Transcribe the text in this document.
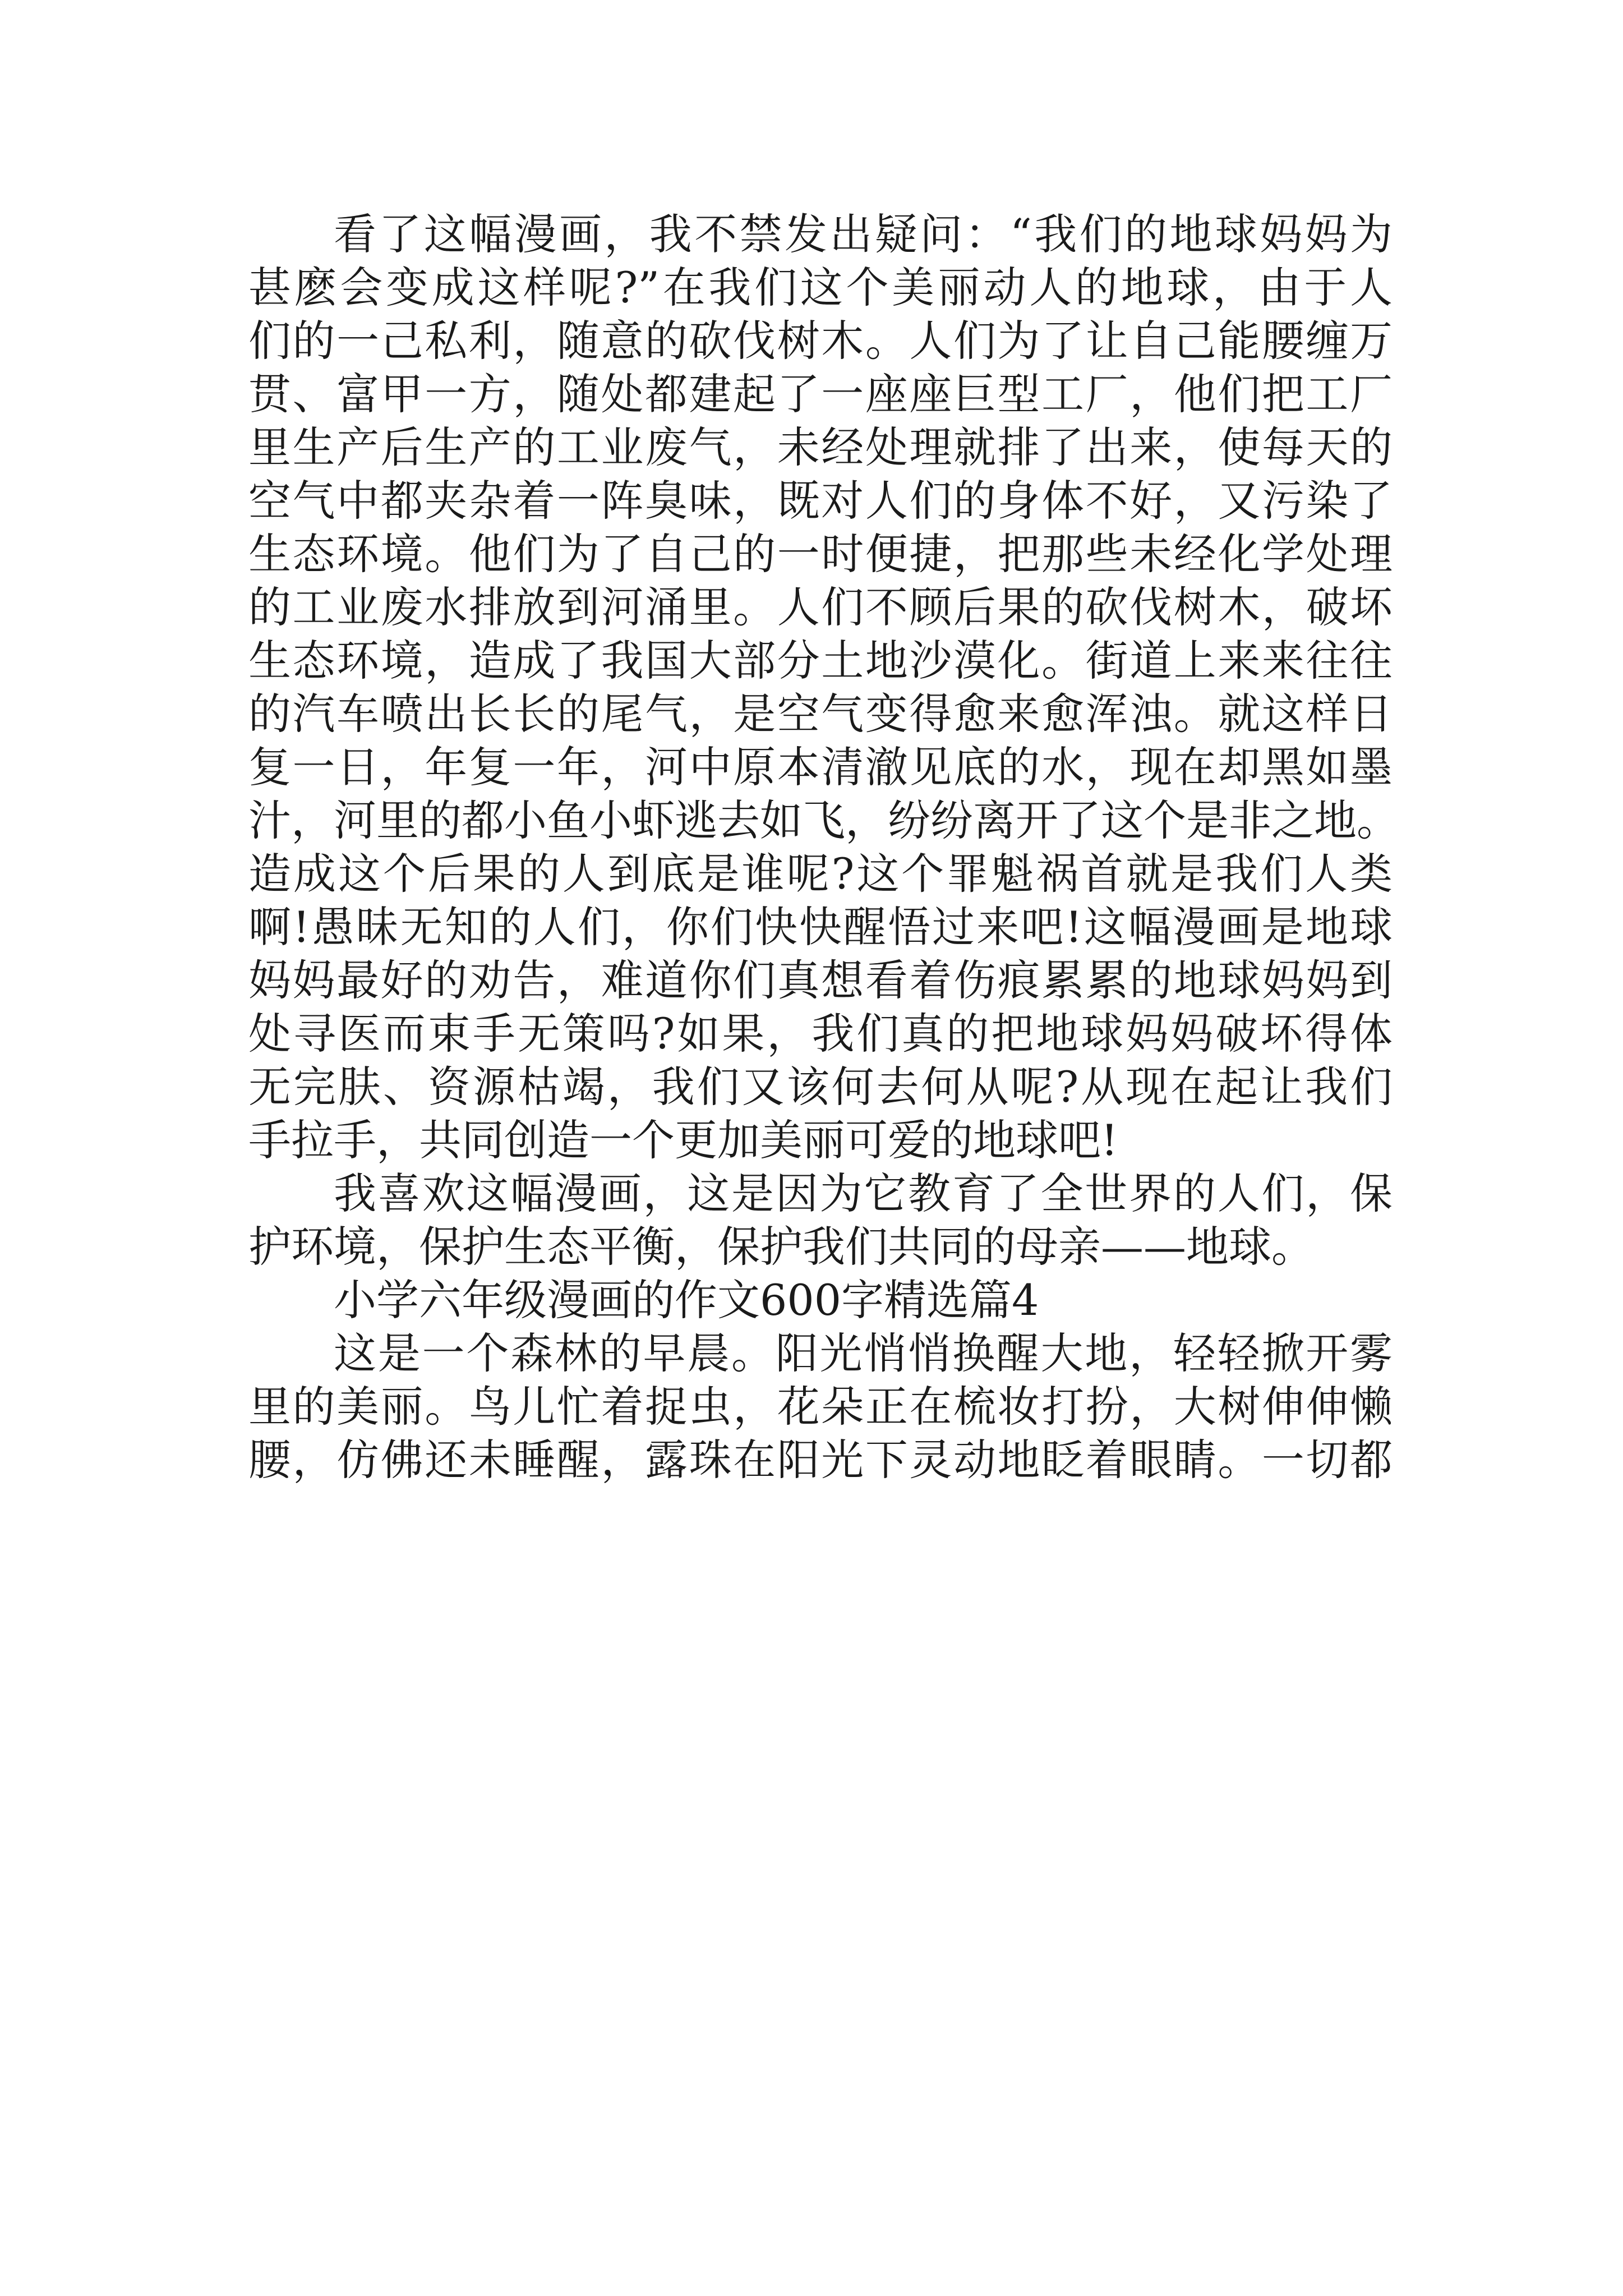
看了这幅漫画，我不禁发出疑问：“我们的地球妈妈为
甚麽会变成这样呢?”在我们这个美丽动人的地球，由于人
们的一己私利，随意的砍伐树木。人们为了让自己能腰缠万
贯、富甲一方，随处都建起了一座座巨型工厂，他们把工厂
里生产后生产的工业废气，未经处理就排了出来，使每天的
空气中都夹杂着一阵臭味，既对人们的身体不好，又污染了
生态环境。他们为了自己的一时便捷，把那些未经化学处理
的工业废水排放到河涌里。人们不顾后果的砍伐树木，破坏
生态环境，造成了我国大部分土地沙漠化。街道上来来往往
的汽车喷出长长的尾气，是空气变得愈来愈浑浊。就这样日
复一日，年复一年，河中原本清澈见底的水，现在却黑如墨
汁，河里的都小鱼小虾逃去如飞，纷纷离开了这个是非之地。
造成这个后果的人到底是谁呢?这个罪魁祸首就是我们人类
啊!愚昧无知的人们，你们快快醒悟过来吧!这幅漫画是地球
妈妈最好的劝告，难道你们真想看着伤痕累累的地球妈妈到
处寻医而束手无策吗?如果，我们真的把地球妈妈破坏得体
无完肤、资源枯竭，我们又该何去何从呢?从现在起让我们
手拉手，共同创造一个更加美丽可爱的地球吧!
我喜欢这幅漫画，这是因为它教育了全世界的人们，保
护环境，保护生态平衡，保护我们共同的母亲——地球。
小学六年级漫画的作文600字精选篇4
这是一个森林的早晨。阳光悄悄换醒大地，轻轻掀开雾
里的美丽。鸟儿忙着捉虫，花朵正在梳妆打扮，大树伸伸懒
腰，仿佛还未睡醒，露珠在阳光下灵动地眨着眼睛。一切都
